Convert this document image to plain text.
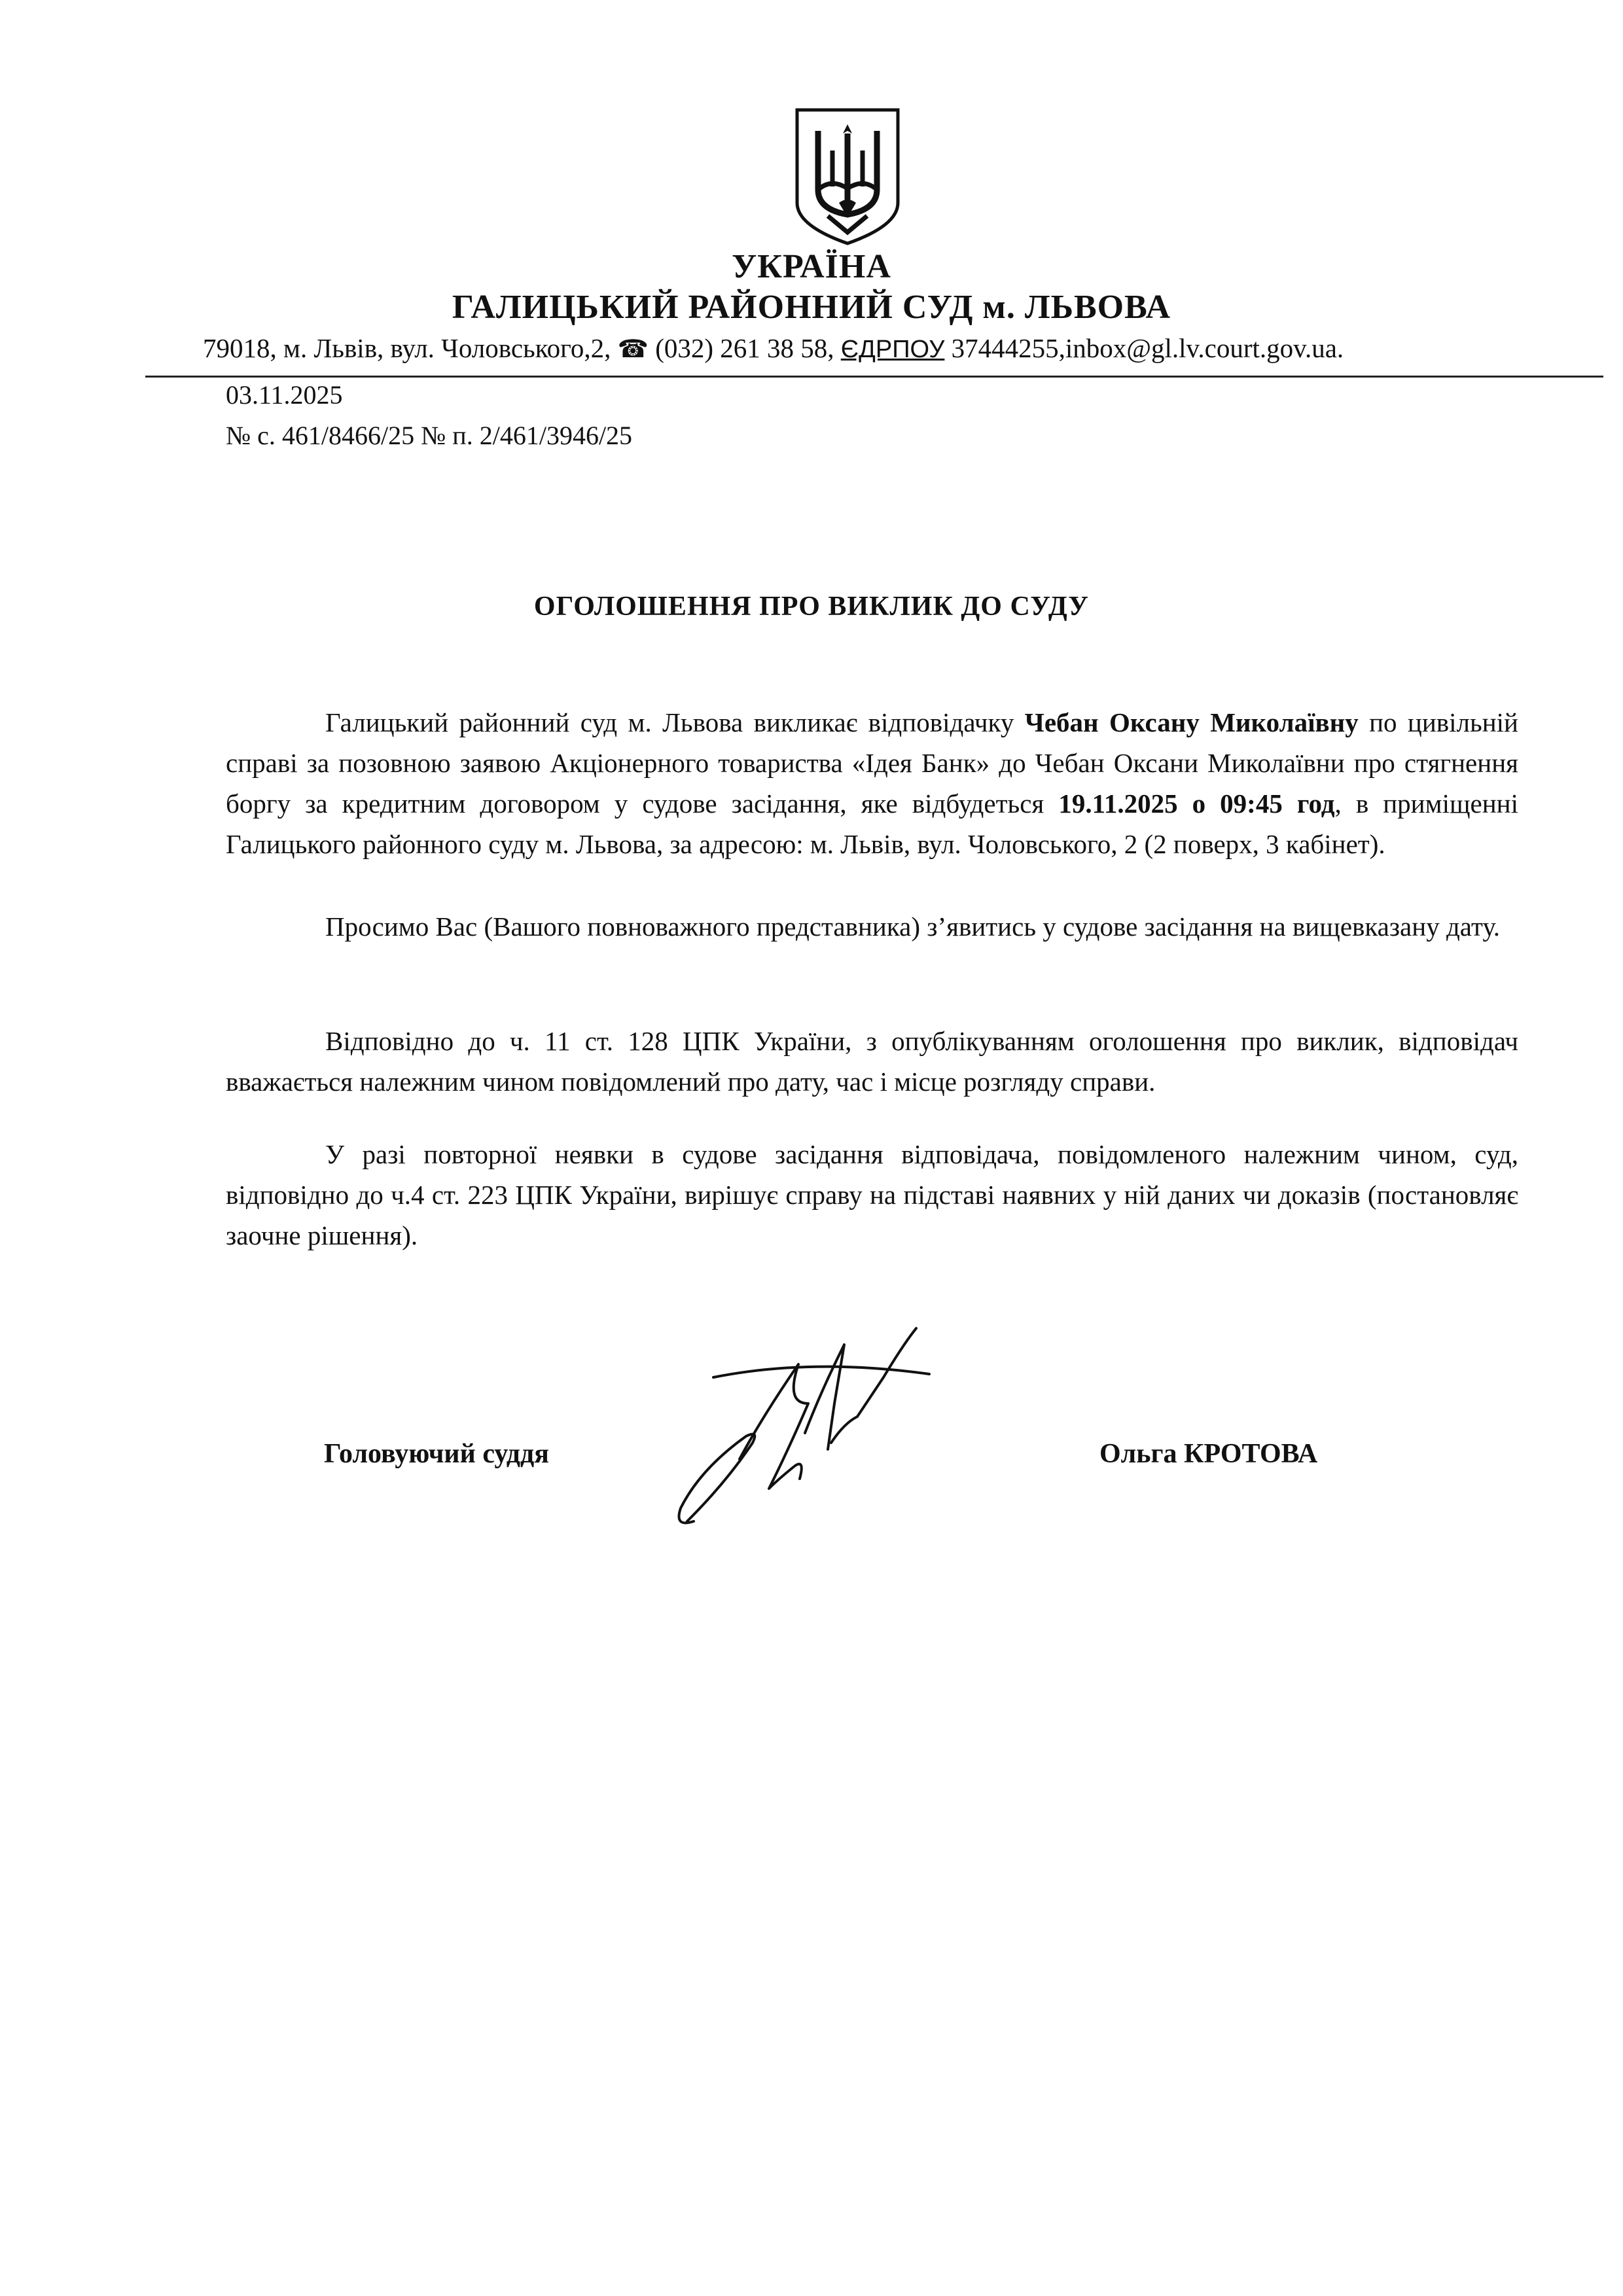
УКРАЇНА
ГАЛИЦЬКИЙ РАЙОННИЙ СУД м. ЛЬВОВА
79018, м. Львів, вул. Чоловського,2, ☎ (032) 261 38 58, ЄДРПОУ 37444255,inbox@gl.lv.court.gov.ua.
03.11.2025
№ с. 461/8466/25 № п. 2/461/3946/25
ОГОЛОШЕННЯ ПРО ВИКЛИК ДО СУДУ

Галицький районний суд м. Львова викликає відповідачку Чебан Оксану Миколаївну по цивільній справі за позовною заявою Акціонерного товариства «Ідея Банк» до Чебан Оксани Миколаївни про стягнення боргу за кредитним договором у судове засідання, яке відбудеться 19.11.2025 о 09:45 год, в приміщенні Галицького районного суду м. Львова, за адресою: м. Львів, вул. Чоловського, 2 (2 поверх, 3 кабінет).

Просимо Вас (Вашого повноважного представника) з’явитись у судове засідання на вищевказану дату.

Відповідно до ч. 11 ст. 128 ЦПК України, з опублікуванням оголошення про виклик, відповідач вважається належним чином повідомлений про дату, час і місце розгляду справи.

У разі повторної неявки в судове засідання відповідача, повідомленого належним чином, суд, відповідно до ч.4 ст. 223 ЦПК України, вирішує справу на підставі наявних у ній даних чи доказів (постановляє заочне рішення).

Головуючий суддя	Ольга КРОТОВА
